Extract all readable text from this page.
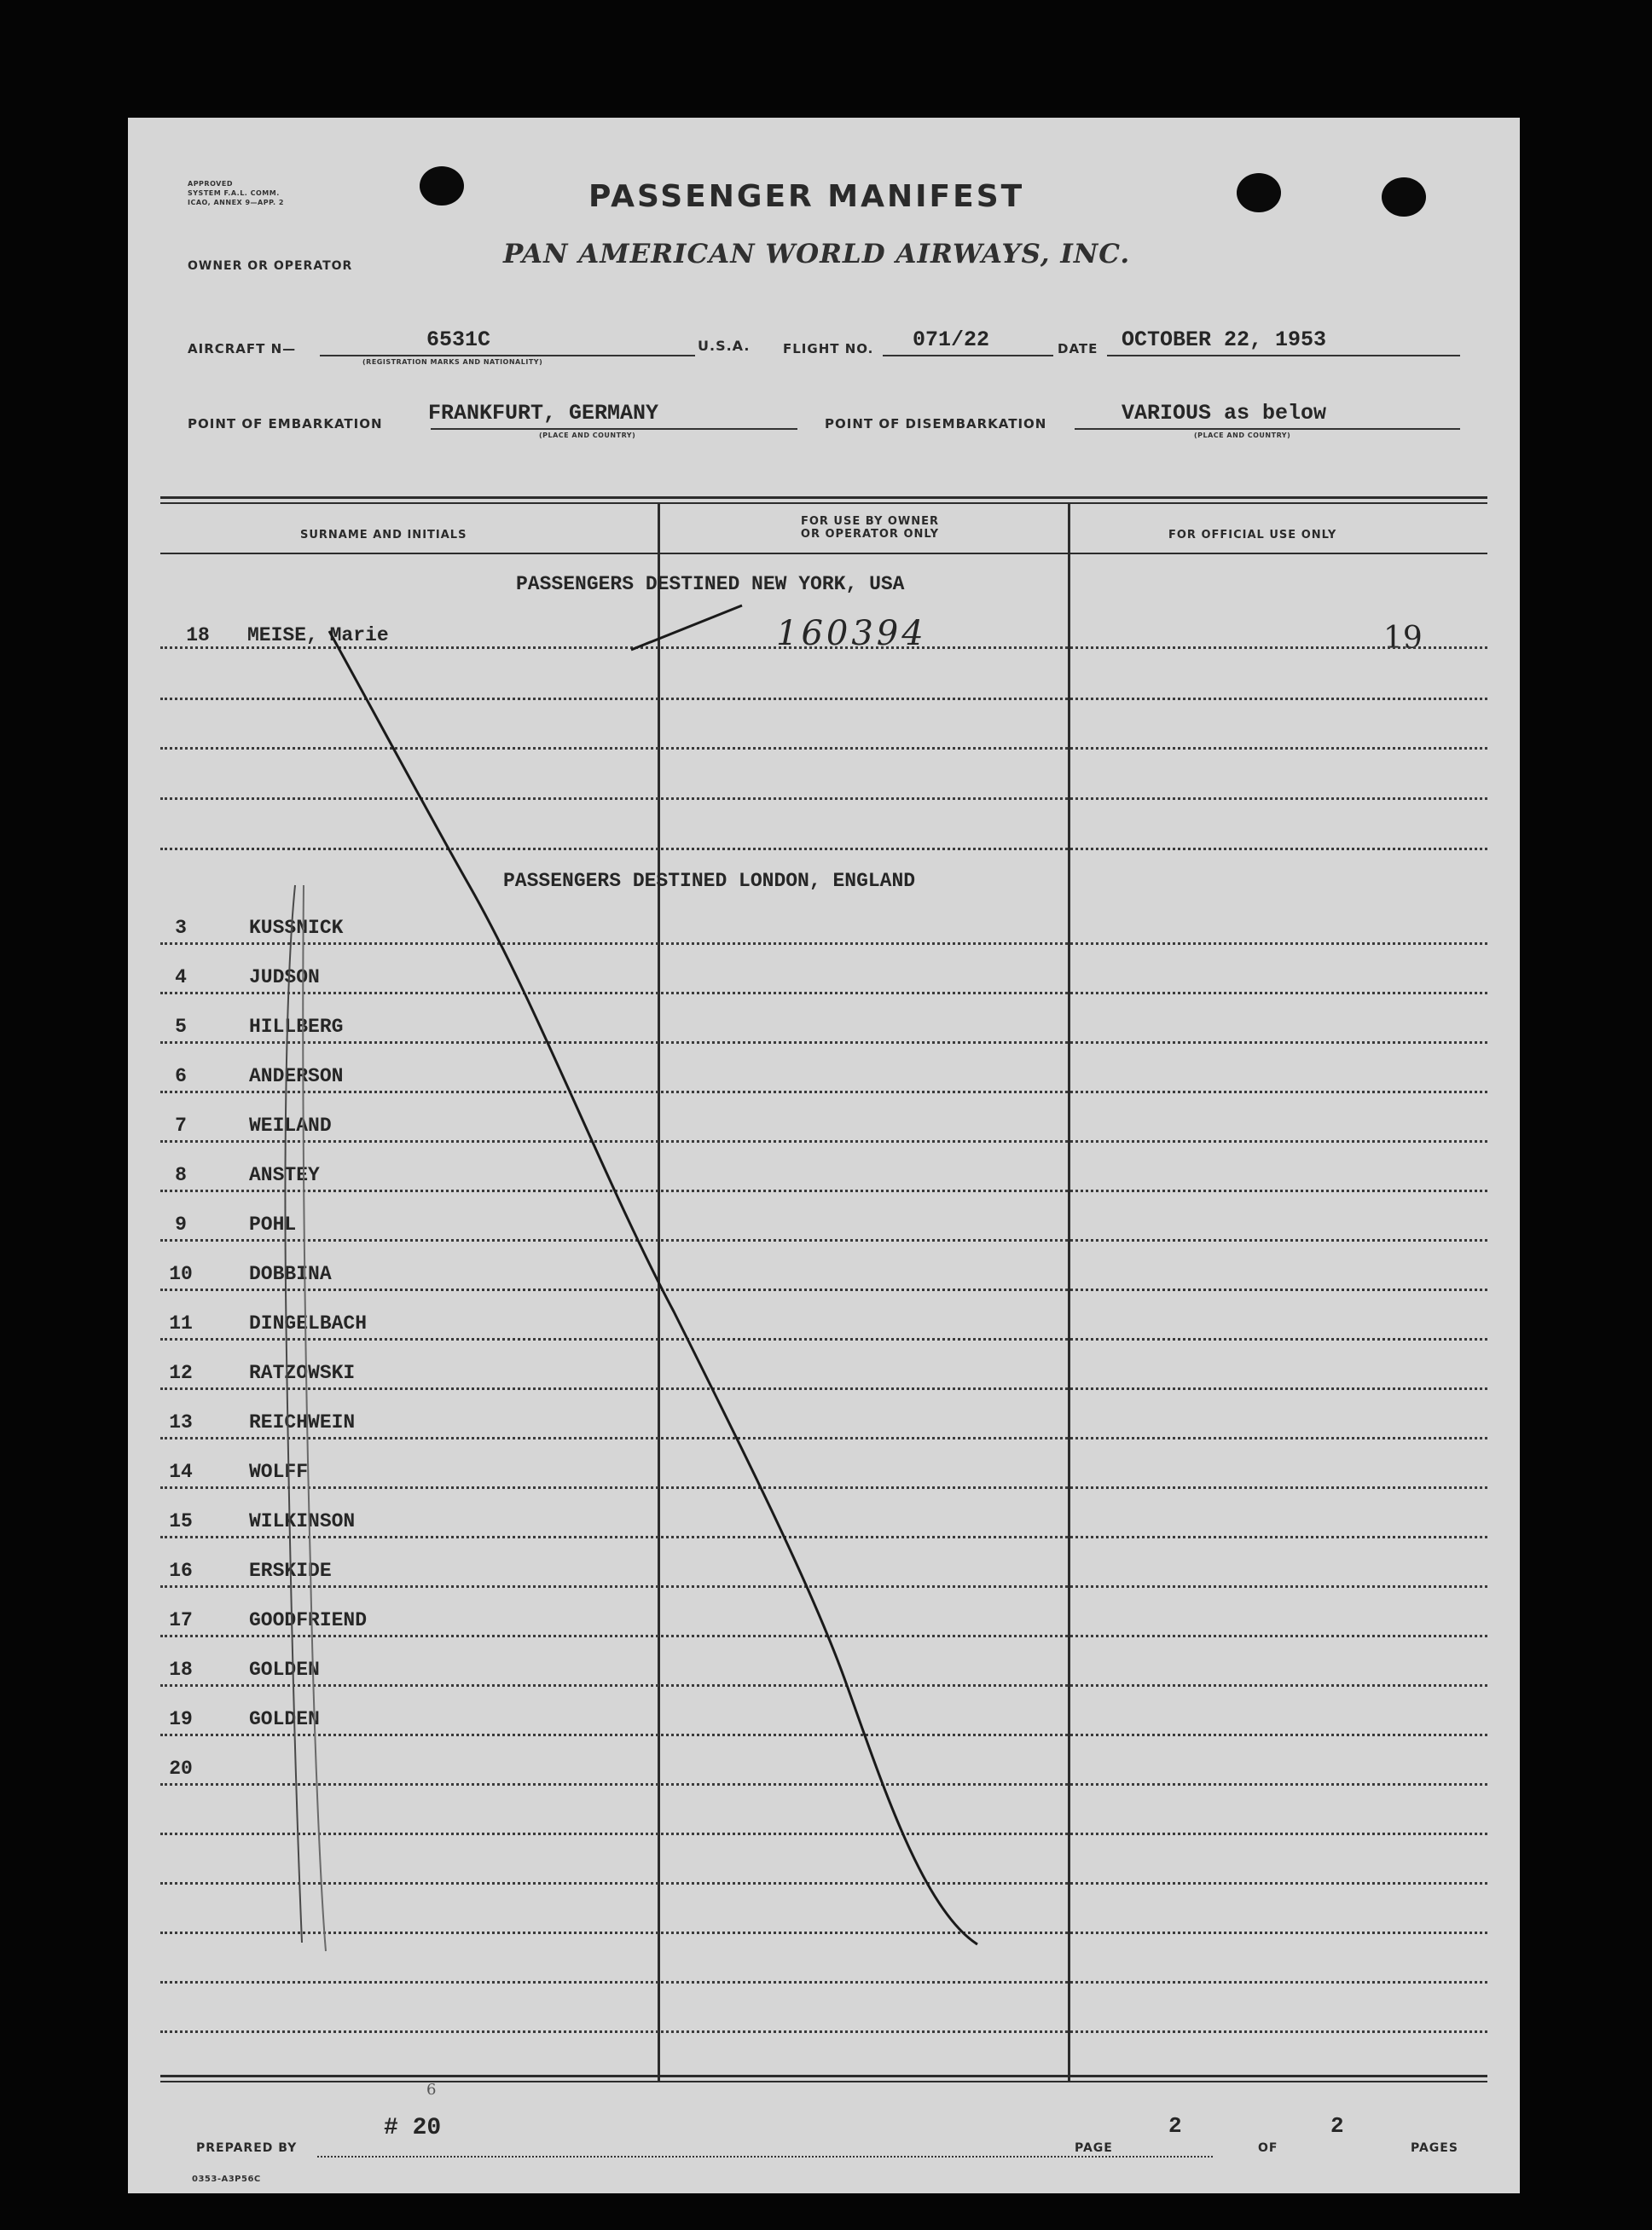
APPROVED
SYSTEM F.A.L. COMM.
ICAO, ANNEX 9—APP. 2	PASSENGER MANIFEST
PAN AMERICAN WORLD AIRWAYS, INC.
OWNER OR OPERATOR
AIRCRAFT N—	6531C
(REGISTRATION MARKS AND NATIONALITY)
U.S.A.	FLIGHT NO. 071/22	DATE OCTOBER 22, 1953
POINT OF EMBARKATION FRANKFURT, GERMANY
(PLACE AND COUNTRY)
POINT OF DISEMBARKATION	VARIOUS as below
(PLACE AND COUNTRY)
SURNAME AND INITIALS
FOR USE BY OWNER
OR OPERATOR ONLY	FOR OFFICIAL USE ONLY
PASSENGERS DESTINED NEW YORK, USA
18	MEISE, Marie	160394	19
PASSENGERS DESTINED LONDON, ENGLAND
3	KUSSNICK
4	JUDSON
5	HILLBERG
6	ANDERSON
7	WEILAND
8	ANSTEY
9	POHL
10	DOBBINA
11	DINGELBACH
12	RATZOWSKI
13	REICHWEIN
14	WOLFF
15	WILKINSON
16	ERSKIDE
17	GOODFRIEND
18	GOLDEN
19	GOLDEN
20
PREPARED BY
6
# 20
PAGE
2
OF
2
PAGES
0353-A3P56C
